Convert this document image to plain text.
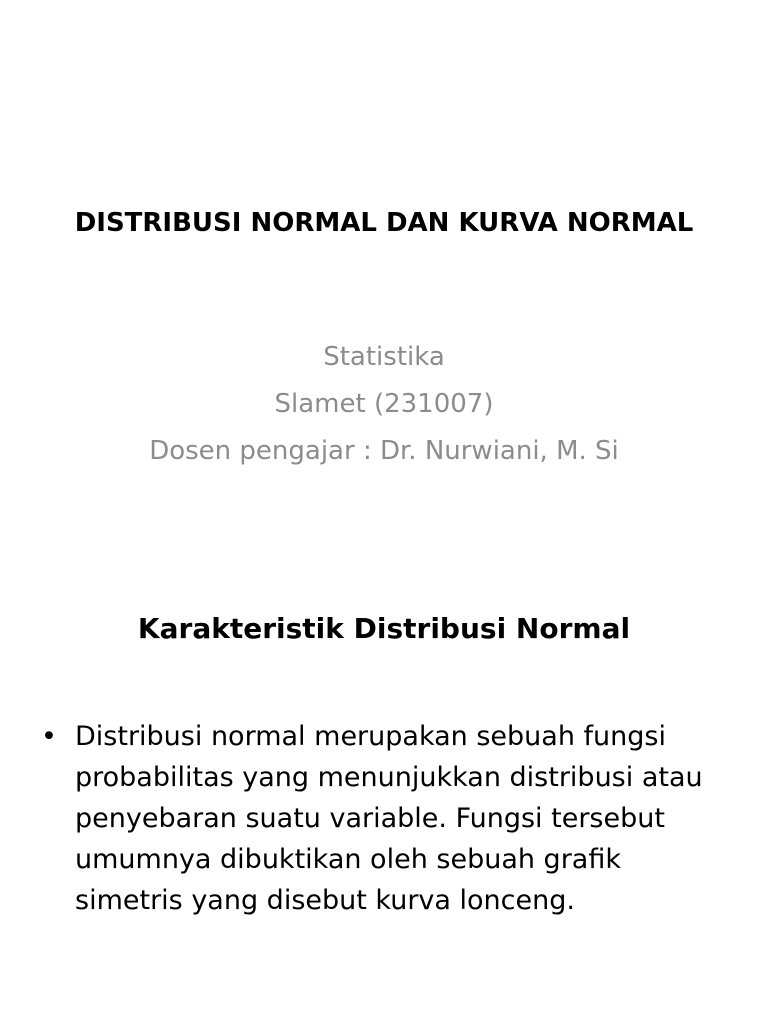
DISTRIBUSI NORMAL DAN KURVA NORMAL
Statistika
Slamet (231007)
Dosen pengajar : Dr. Nurwiani, M. Si
Karakteristik Distribusi Normal
• Distribusi normal merupakan sebuah fungsi probabilitas yang menunjukkan distribusi atau penyebaran suatu variable. Fungsi tersebut umumnya dibuktikan oleh sebuah grafik simetris yang disebut kurva lonceng.
